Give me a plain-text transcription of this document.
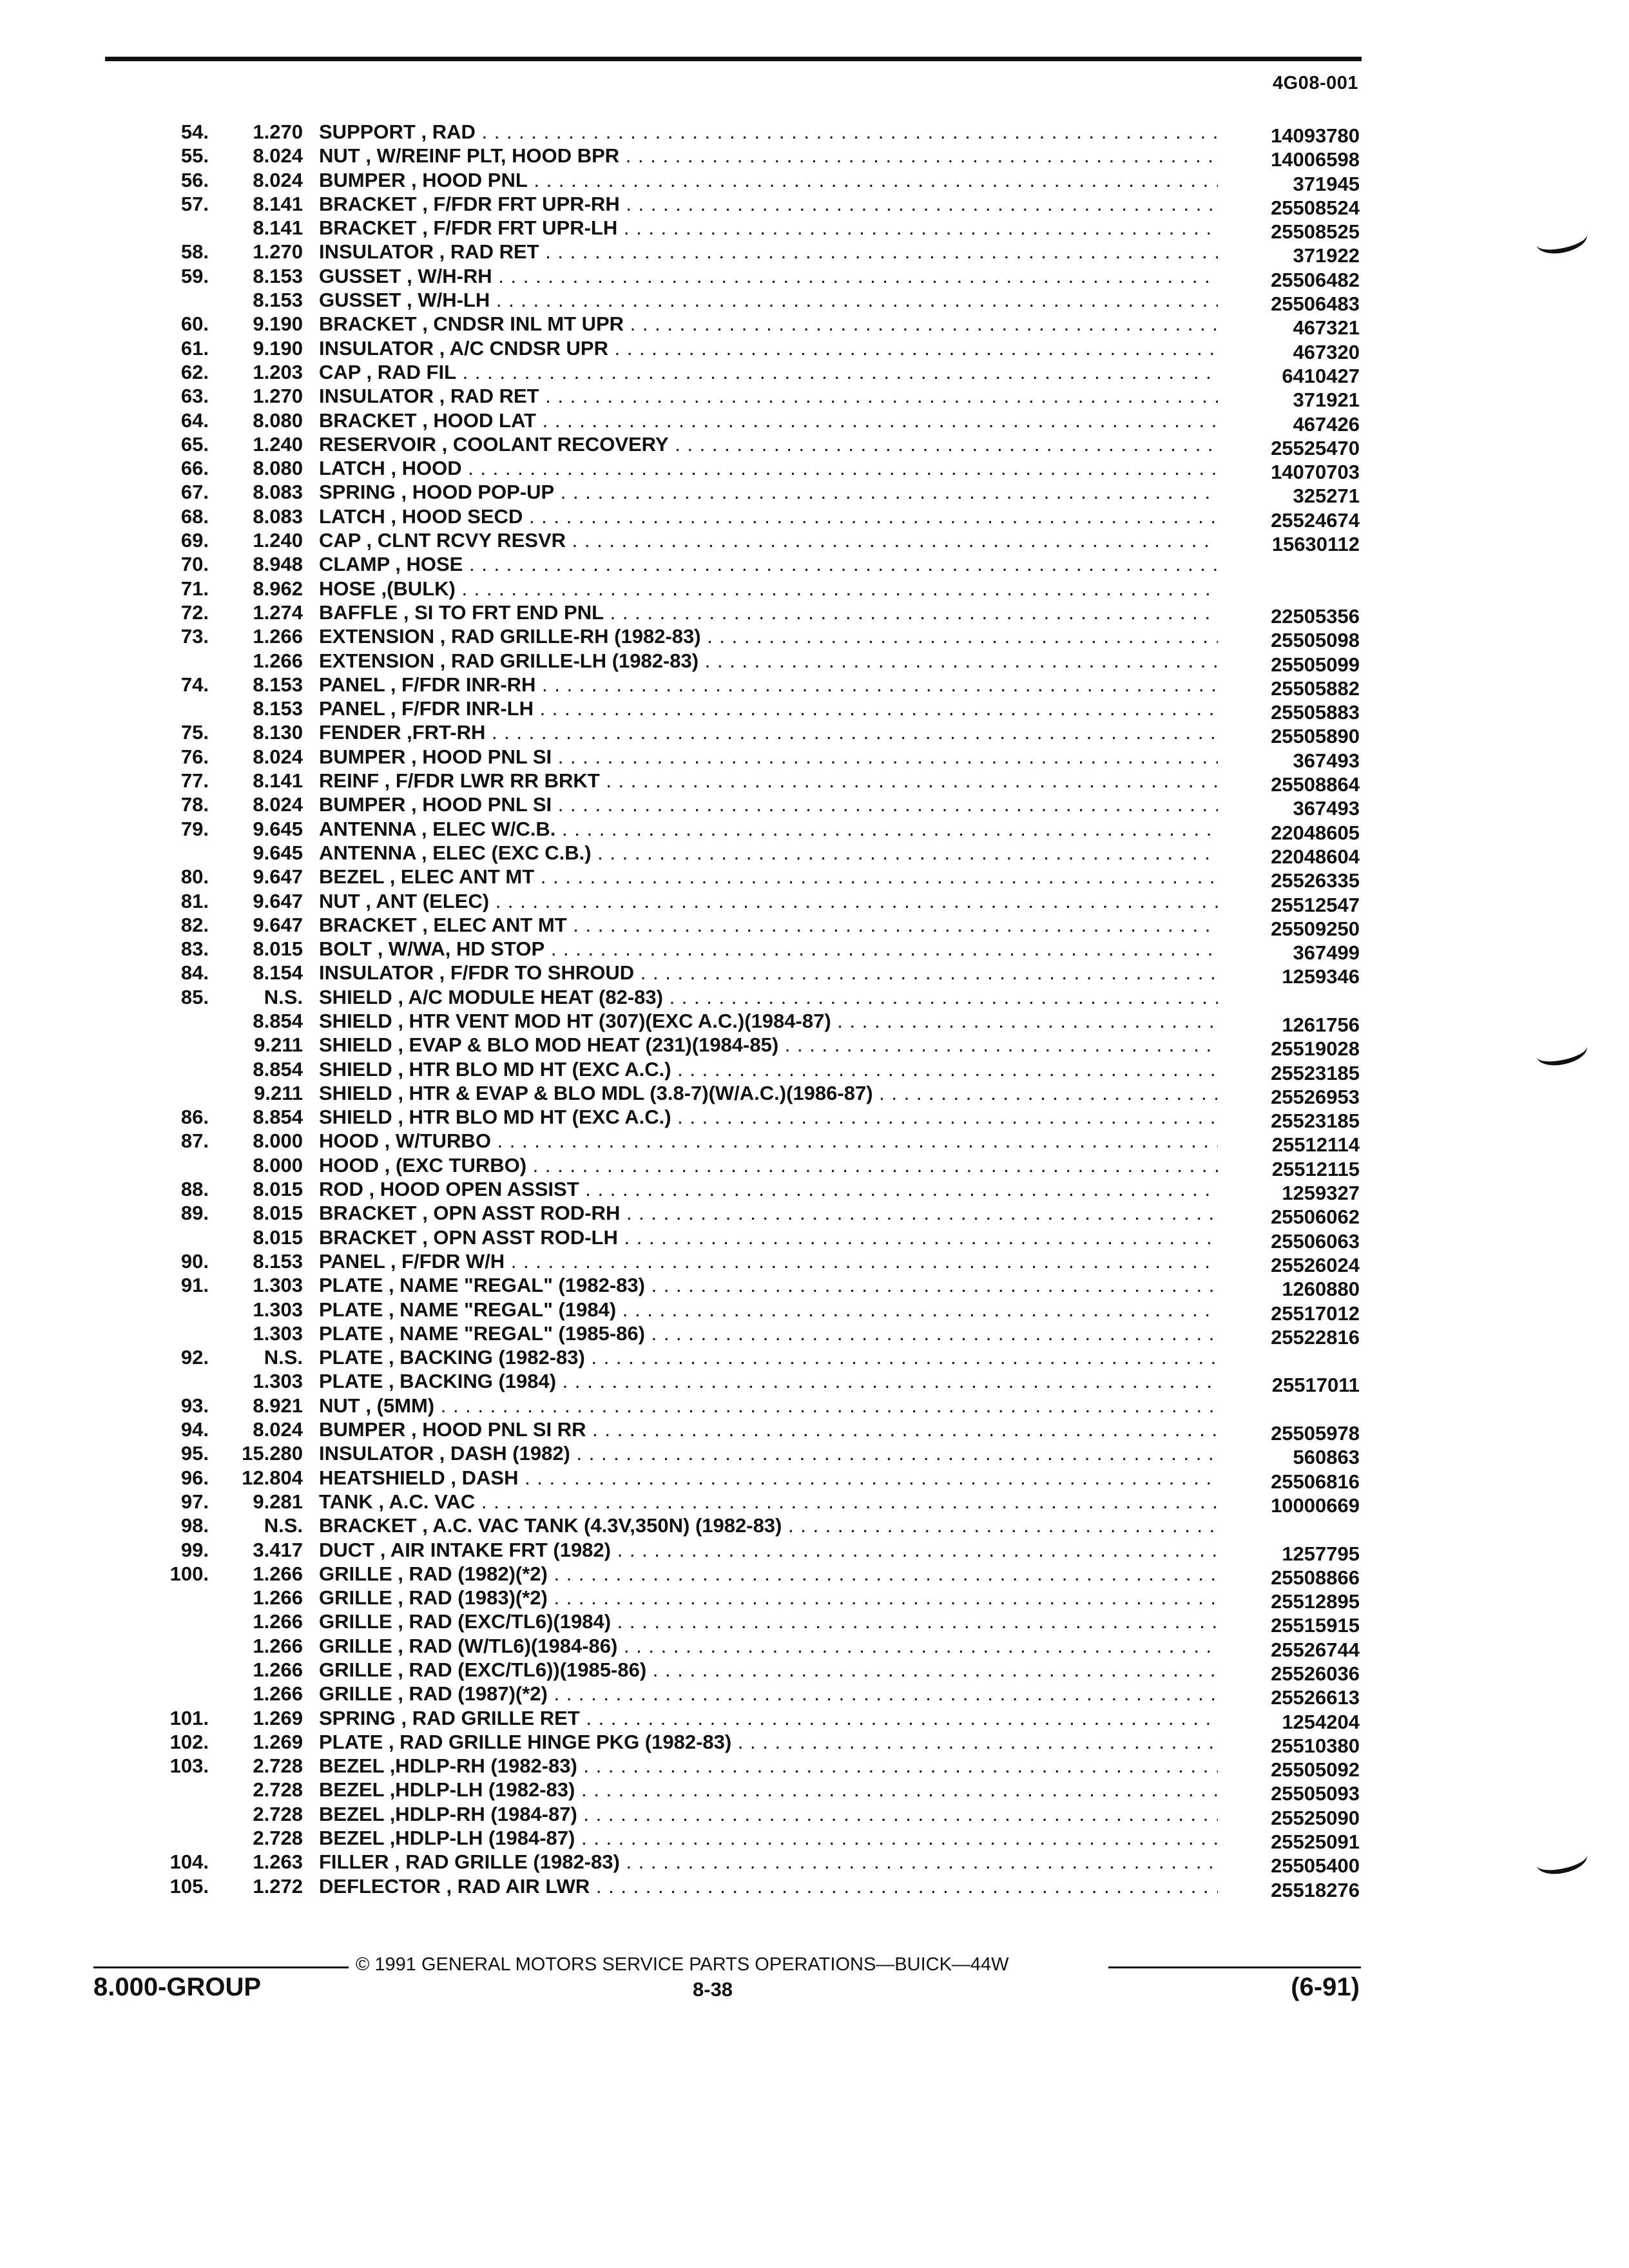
4G08-001
54.	1.270 SUPPORT , RAD . . .	14093780
55.	8.024 NUT , W/REINF PLT, HOOD BPR . . .	14006598
56.	8.024 BUMPER , HOOD PNL . . .	371945
57.	8.141 BRACKET , F/FDR FRT UPR-RH . . .	25508524
8.141 BRACKET , F/FDR FRT UPR-LH . . .	25508525
58.	1.270 INSULATOR , RAD RET . . .	371922
59.	8.153 GUSSET , W/H-RH . . .	25506482
8.153 GUSSET , W/H-LH . . .	25506483
60.	9.190 BRACKET , CNDSR INL MT UPR . . .	467321
61.	9.190 INSULATOR , A/C CNDSR UPR . . .	467320
62.	1.203 CAP , RAD FIL . . .	6410427
63.	1.270 INSULATOR , RAD RET . . .	371921
64.	8.080 BRACKET , HOOD LAT . . .	467426
65.	1.240 RESERVOIR , COOLANT RECOVERY . . .	25525470
66.	8.080 LATCH , HOOD . . .	14070703
67.	8.083 SPRING , HOOD POP-UP . . .	325271
68.	8.083 LATCH , HOOD SECD . . .	25524674
69.	1.240 CAP , CLNT RCVY RESVR . . .	15630112
70.	8.948 CLAMP , HOSE . . .
71.	8.962 HOSE ,(BULK) . . .
72.	1.274 BAFFLE , SI TO FRT END PNL . . .	22505356
73.	1.266 EXTENSION , RAD GRILLE-RH (1982-83) . . .	25505098
1.266 EXTENSION , RAD GRILLE-LH (1982-83) . . .	25505099
74.	8.153 PANEL , F/FDR INR-RH . . .	25505882
8.153 PANEL , F/FDR INR-LH . . .	25505883
75.	8.130 FENDER ,FRT-RH . . .	25505890
76.	8.024 BUMPER , HOOD PNL SI . . .	367493
77.	8.141 REINF , F/FDR LWR RR BRKT . . .	25508864
78.	8.024 BUMPER , HOOD PNL SI . . .	367493
79.	9.645 ANTENNA , ELEC W/C.B. . . .	22048605
9.645 ANTENNA , ELEC (EXC C.B.) . . .	22048604
80.	9.647 BEZEL , ELEC ANT MT . . .	25526335
81.	9.647 NUT , ANT (ELEC) . . .	25512547
82.	9.647 BRACKET , ELEC ANT MT . . .	25509250
83.	8.015 BOLT , W/WA, HD STOP . . .	367499
84.	8.154 INSULATOR , F/FDR TO SHROUD . . .	1259346
85.	N.S. SHIELD , A/C MODULE HEAT (82-83) . . .
8.854 SHIELD , HTR VENT MOD HT (307)(EXC A.C.)(1984-87) . . .	1261756
9.211 SHIELD , EVAP & BLO MOD HEAT (231)(1984-85) . . .	25519028
8.854 SHIELD , HTR BLO MD HT (EXC A.C.) . . .	25523185
9.211 SHIELD , HTR & EVAP & BLO MDL (3.8-7)(W/A.C.)(1986-87) . . .	25526953
86.	8.854 SHIELD , HTR BLO MD HT (EXC A.C.) . . .	25523185
87.	8.000 HOOD , W/TURBO . . .	25512114
8.000 HOOD , (EXC TURBO) . . .	25512115
88.	8.015 ROD , HOOD OPEN ASSIST . . .	1259327
89.	8.015 BRACKET , OPN ASST ROD-RH . . .	25506062
8.015 BRACKET , OPN ASST ROD-LH . . .	25506063
90.	8.153 PANEL , F/FDR W/H . . .	25526024
91.	1.303 PLATE , NAME "REGAL" (1982-83) . . .	1260880
1.303 PLATE , NAME "REGAL" (1984) . . .	25517012
1.303 PLATE , NAME "REGAL" (1985-86) . . .	25522816
92.	N.S. PLATE , BACKING (1982-83) . . .
1.303 PLATE , BACKING (1984) . . .	25517011
93.	8.921 NUT , (5MM) . . .
94.	8.024 BUMPER , HOOD PNL SI RR . . .	25505978
95.	15.280 INSULATOR , DASH (1982) . . .	560863
96.	12.804 HEATSHIELD , DASH . . .	25506816
97.	9.281 TANK , A.C. VAC . . .	10000669
98.	N.S. BRACKET , A.C. VAC TANK (4.3V,350N) (1982-83) . . .
99.	3.417 DUCT , AIR INTAKE FRT (1982) . . .	1257795
100.	1.266 GRILLE , RAD (1982)(*2) . . .	25508866
1.266 GRILLE , RAD (1983)(*2) . . .	25512895
1.266 GRILLE , RAD (EXC/TL6)(1984) . . .	25515915
1.266 GRILLE , RAD (W/TL6)(1984-86) . . .	25526744
1.266 GRILLE , RAD (EXC/TL6))(1985-86) . . .	25526036
1.266 GRILLE , RAD (1987)(*2) . . .	25526613
101.	1.269 SPRING , RAD GRILLE RET . . .	1254204
102.	1.269 PLATE , RAD GRILLE HINGE PKG (1982-83) . . .	25510380
103.	2.728 BEZEL ,HDLP-RH (1982-83) . . .	25505092
2.728 BEZEL ,HDLP-LH (1982-83) . . .	25505093
2.728 BEZEL ,HDLP-RH (1984-87) . . .	25525090
2.728 BEZEL ,HDLP-LH (1984-87) . . .	25525091
104.	1.263 FILLER , RAD GRILLE (1982-83) . . .	25505400
105.	1.272 DEFLECTOR , RAD AIR LWR . . .	25518276
© 1991 GENERAL MOTORS SERVICE PARTS OPERATIONS—BUICK—44W
8.000-GROUP	8-38	(6-91)
